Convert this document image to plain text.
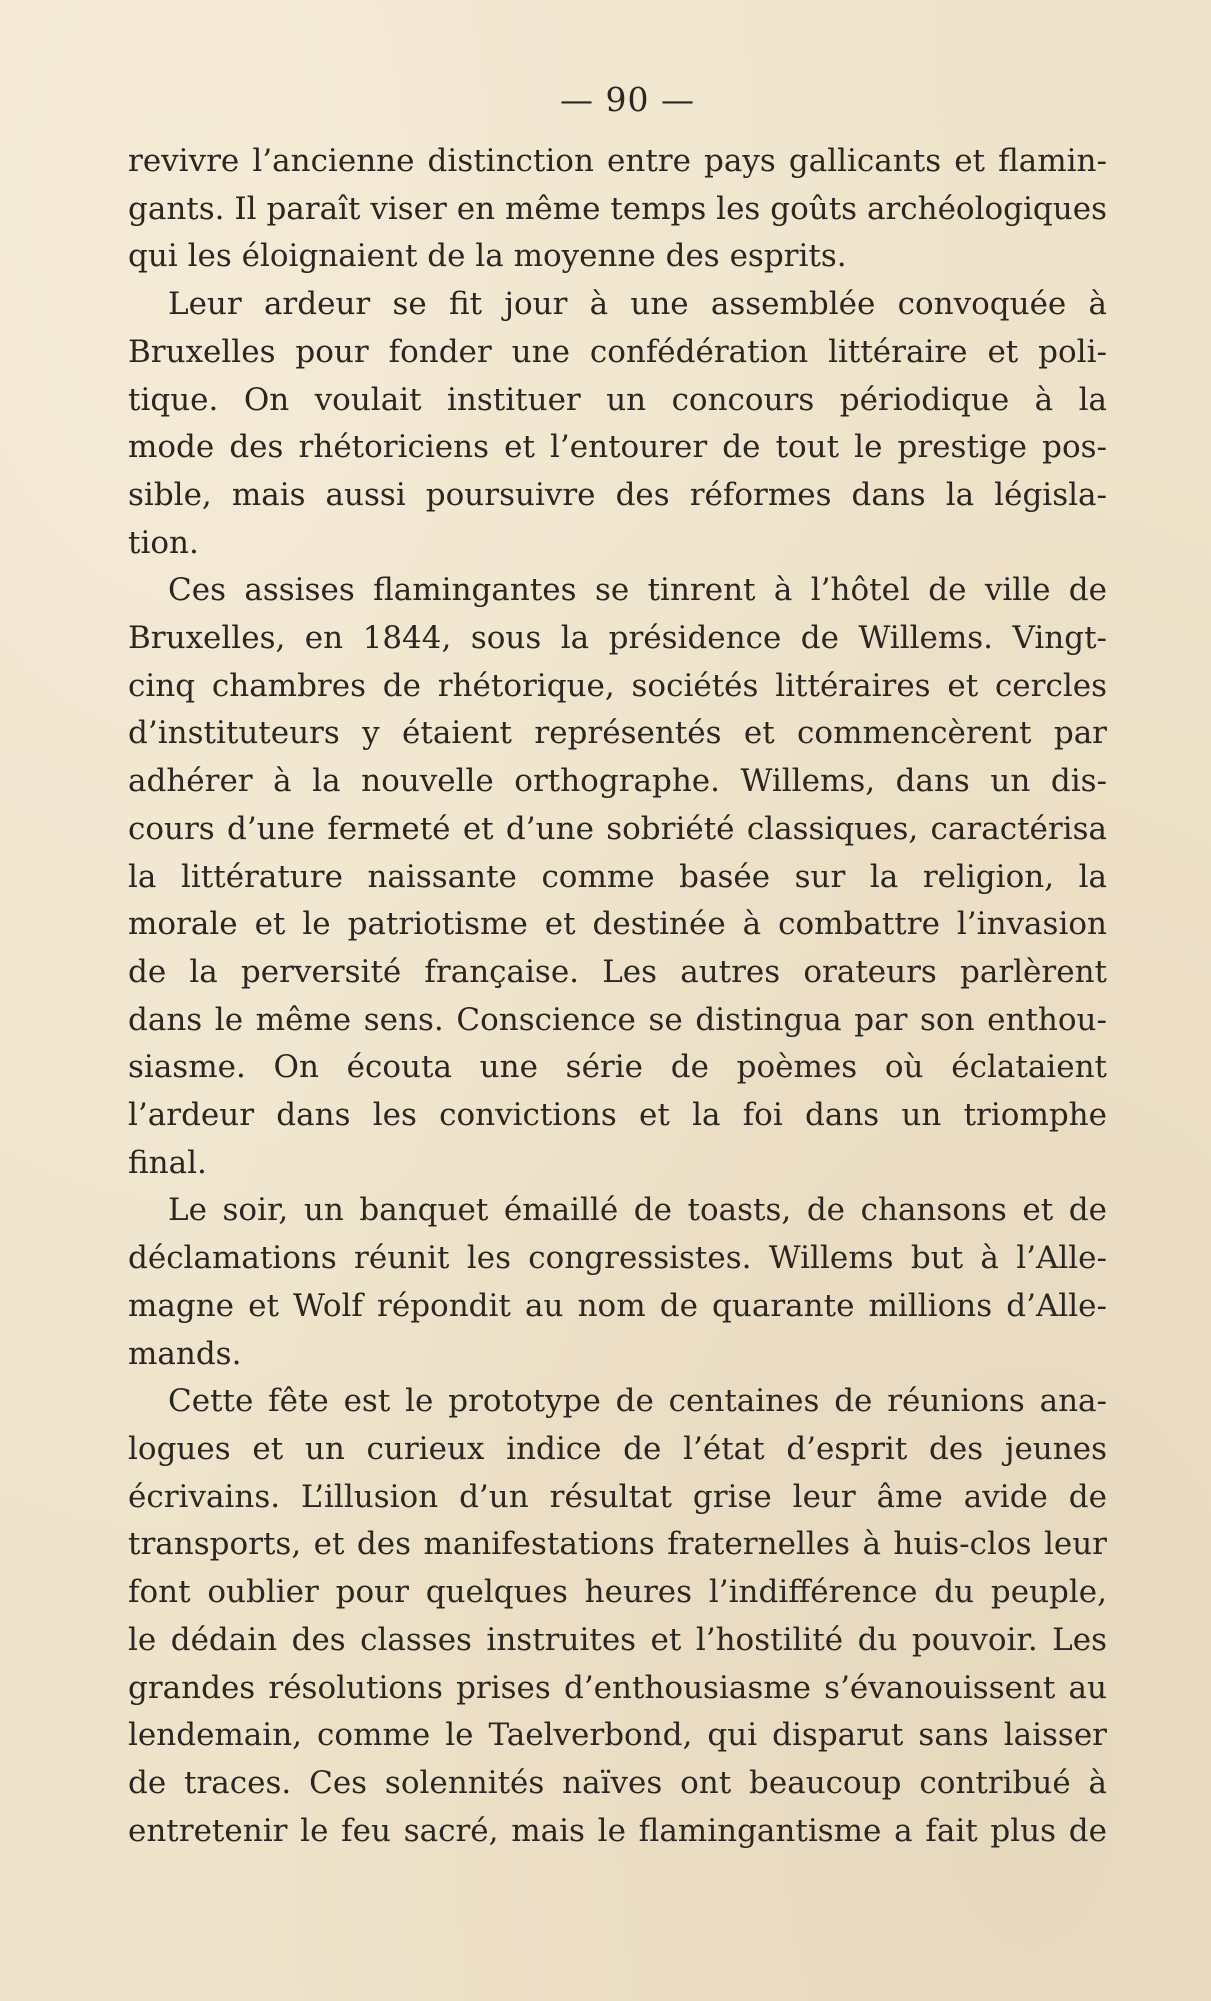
— 90 —
revivre l’ancienne distinction entre pays gallicants et flamin-
gants. Il paraît viser en même temps les goûts archéologiques
qui les éloignaient de la moyenne des esprits.
Leur ardeur se fit jour à une assemblée convoquée à
Bruxelles pour fonder une confédération littéraire et poli-
tique. On voulait instituer un concours périodique à la
mode des rhétoriciens et l’entourer de tout le prestige pos-
sible, mais aussi poursuivre des réformes dans la législa-
tion.
Ces assises flamingantes se tinrent à l’hôtel de ville de
Bruxelles, en 1844, sous la présidence de Willems. Vingt-
cinq chambres de rhétorique, sociétés littéraires et cercles
d’instituteurs y étaient représentés et commencèrent par
adhérer à la nouvelle orthographe. Willems, dans un dis-
cours d’une fermeté et d’une sobriété classiques, caractérisa
la littérature naissante comme basée sur la religion, la
morale et le patriotisme et destinée à combattre l’invasion
de la perversité française. Les autres orateurs parlèrent
dans le même sens. Conscience se distingua par son enthou-
siasme. On écouta une série de poèmes où éclataient
l’ardeur dans les convictions et la foi dans un triomphe
final.
Le soir, un banquet émaillé de toasts, de chansons et de
déclamations réunit les congressistes. Willems but à l’Alle-
magne et Wolf répondit au nom de quarante millions d’Alle-
mands.
Cette fête est le prototype de centaines de réunions ana-
logues et un curieux indice de l’état d’esprit des jeunes
écrivains. L’illusion d’un résultat grise leur âme avide de
transports, et des manifestations fraternelles à huis-clos leur
font oublier pour quelques heures l’indifférence du peuple,
le dédain des classes instruites et l’hostilité du pouvoir. Les
grandes résolutions prises d’enthousiasme s’évanouissent au
lendemain, comme le Taelverbond, qui disparut sans laisser
de traces. Ces solennités naïves ont beaucoup contribué à
entretenir le feu sacré, mais le flamingantisme a fait plus de
